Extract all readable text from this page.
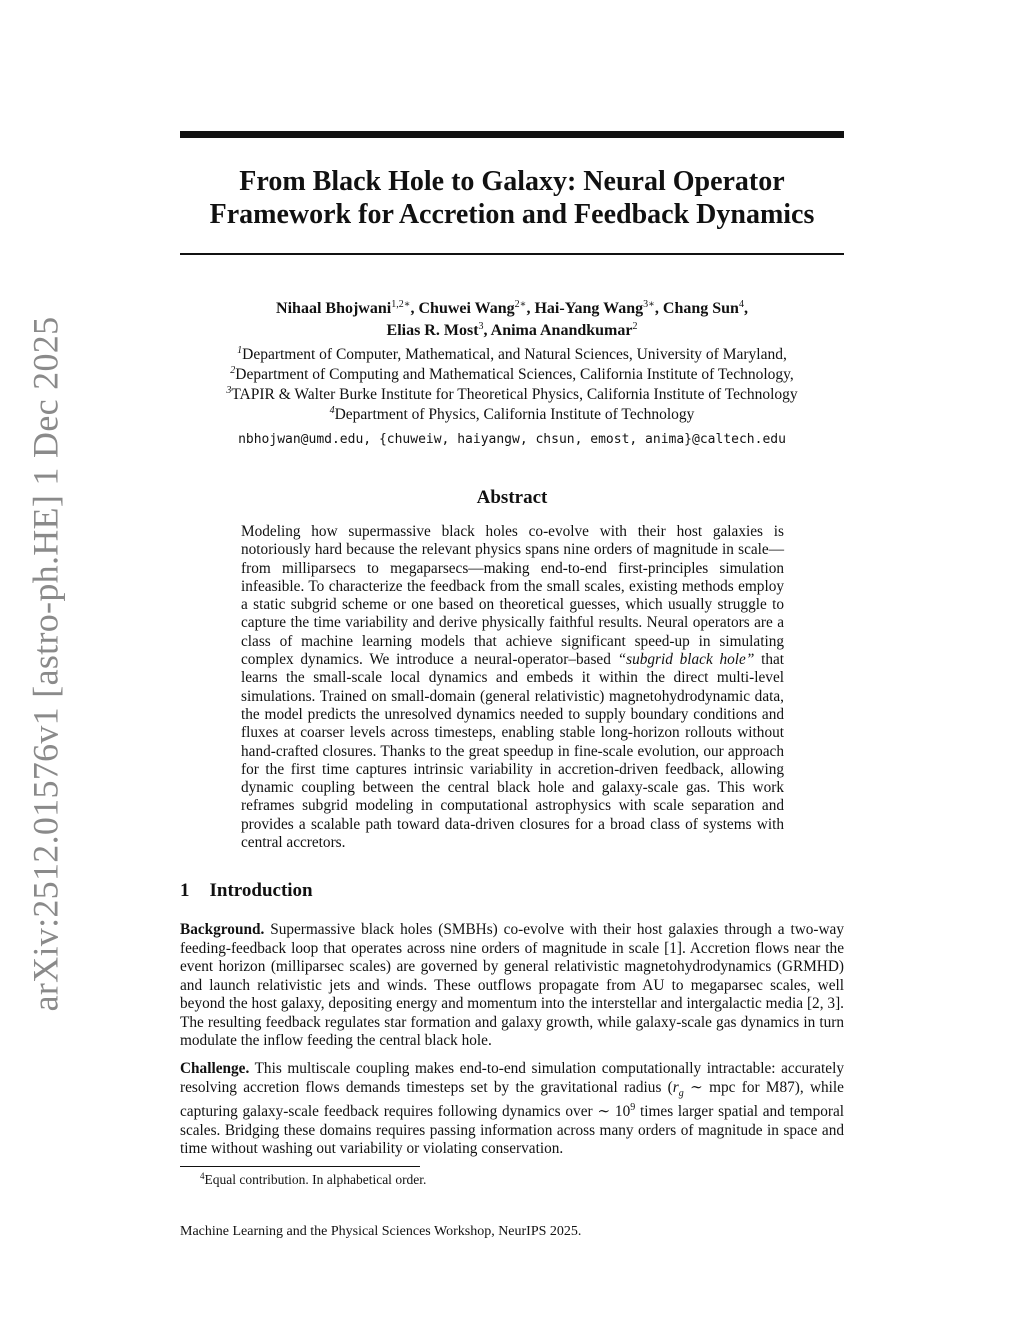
arXiv:2512.01576v1 [astro-ph.HE] 1 Dec 2025
From Black Hole to Galaxy: Neural Operator
Framework for Accretion and Feedback Dynamics
Nihaal Bhojwani$^{1,2∗}$, Chuwei Wang$^{2∗}$, Hai-Yang Wang$^{3∗}$, Chang Sun$^4$,
Elias R. Most$^3$, Anima Anandkumar$^2$
$^1$Department of Computer, Mathematical, and Natural Sciences, University of Maryland,
$^2$Department of Computing and Mathematical Sciences, California Institute of Technology,
$^3$TAPIR & Walter Burke Institute for Theoretical Physics, California Institute of Technology
$^4$Department of Physics, California Institute of Technology
nbhojwan@umd.edu, {chuweiw, haiyangw, chsun, emost, anima}@caltech.edu
Abstract
Modeling how supermassive black holes co-evolve with their host galaxies is notoriously hard because the relevant physics spans nine orders of magnitude in scale—from milliparsecs to megaparsecs—making end-to-end first-principles simulation infeasible. To characterize the feedback from the small scales, existing methods employ a static subgrid scheme or one based on theoretical guesses, which usually struggle to capture the time variability and derive physically faithful results. Neural operators are a class of machine learning models that achieve significant speed-up in simulating complex dynamics. We introduce a neural-operator–based “subgrid black hole” that learns the small-scale local dynamics and embeds it within the direct multi-level simulations. Trained on small-domain (general relativistic) magnetohydrodynamic data, the model predicts the unresolved dynamics needed to supply boundary conditions and fluxes at coarser levels across timesteps, enabling stable long-horizon rollouts without hand-crafted closures. Thanks to the great speedup in fine-scale evolution, our approach for the first time captures intrinsic variability in accretion-driven feedback, allowing dynamic coupling between the central black hole and galaxy-scale gas. This work reframes subgrid modeling in computational astrophysics with scale separation and provides a scalable path toward data-driven closures for a broad class of systems with central accretors.
1 Introduction

Background. Supermassive black holes (SMBHs) co-evolve with their host galaxies through a two-way feeding-feedback loop that operates across nine orders of magnitude in scale [1]. Accretion flows near the event horizon (milliparsec scales) are governed by general relativistic magnetohydrodynamics (GRMHD) and launch relativistic jets and winds. These outflows propagate from AU to megaparsec scales, well beyond the host galaxy, depositing energy and momentum into the interstellar and intergalactic media [2, 3]. The resulting feedback regulates star formation and galaxy growth, while galaxy-scale gas dynamics in turn modulate the inflow feeding the central black hole.

Challenge. This multiscale coupling makes end-to-end simulation computationally intractable: accurately resolving accretion flows demands timesteps set by the gravitational radius ($r_g$ ∼ mpc for M87), while capturing galaxy-scale feedback requires following dynamics over ∼ $10^9$ times larger spatial and temporal scales. Bridging these domains requires passing information across many orders of magnitude in space and time without washing out variability or violating conservation.

$^4$Equal contribution. In alphabetical order.
Machine Learning and the Physical Sciences Workshop, NeurIPS 2025.
